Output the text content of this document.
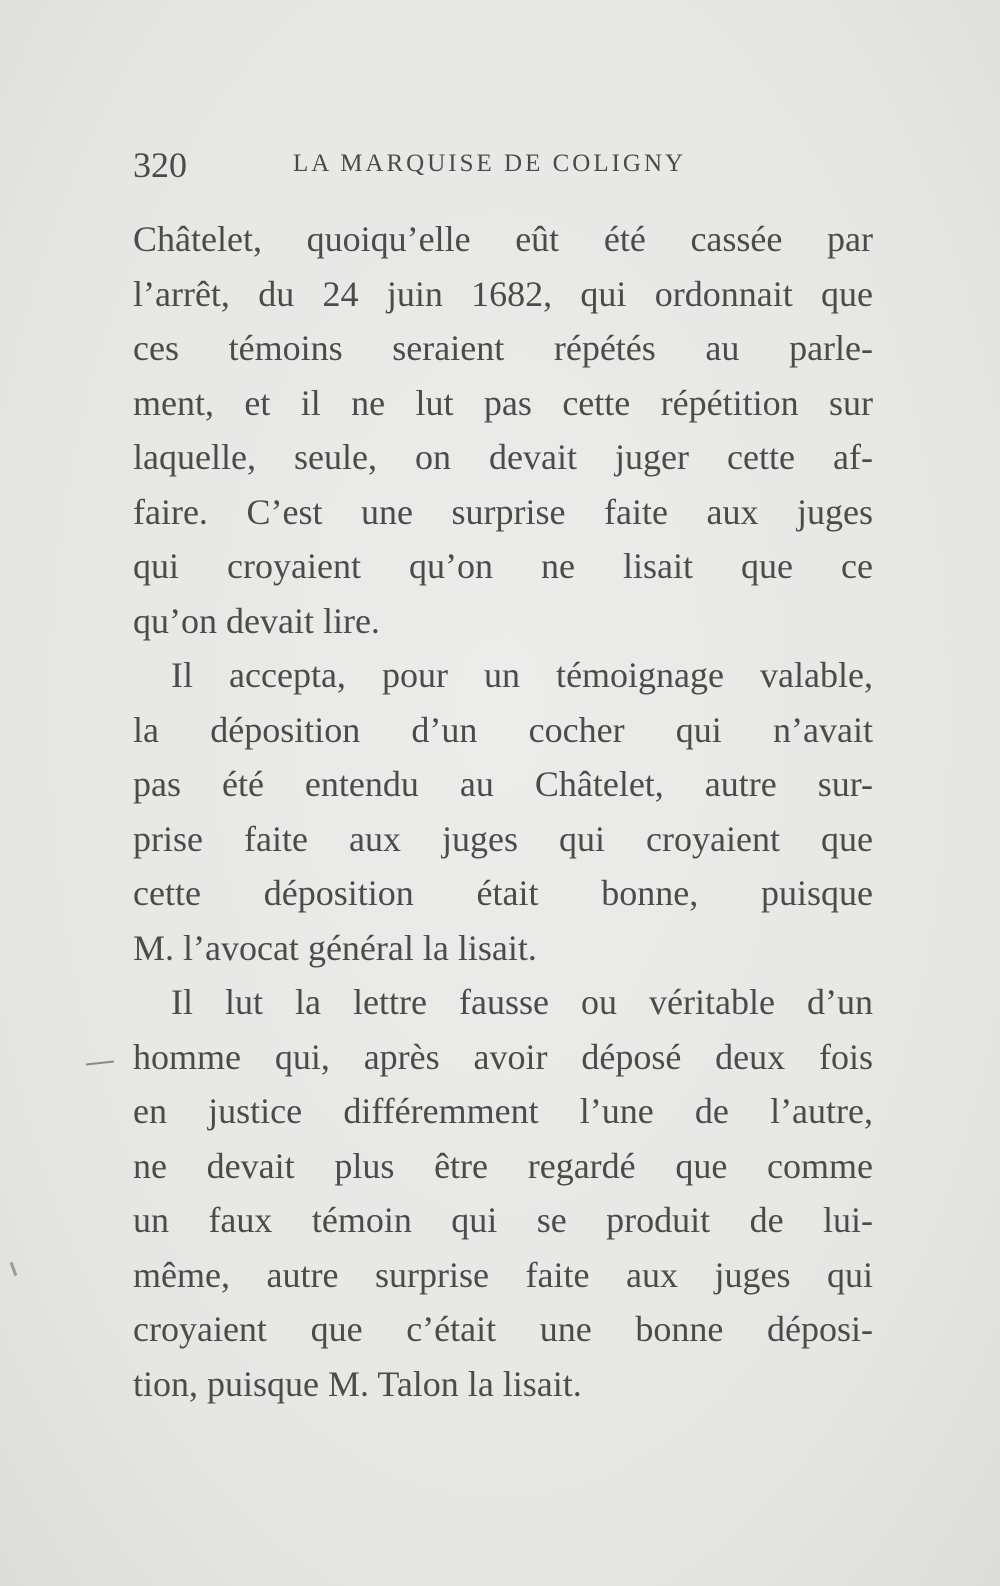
320	LA MARQUISE DE COLIGNY
Châtelet, quoiqu’elle eût été cassée par
l’arrêt, du 24 juin 1682, qui ordonnait que
ces témoins seraient répétés au parle-
ment, et il ne lut pas cette répétition sur
laquelle, seule, on devait juger cette af-
faire. C’est une surprise faite aux juges
qui croyaient qu’on ne lisait que ce
qu’on devait lire.
Il accepta, pour un témoignage valable,
la déposition d’un cocher qui n’avait
pas été entendu au Châtelet, autre sur-
prise faite aux juges qui croyaient que
cette déposition était bonne, puisque
M. l’avocat général la lisait.
Il lut la lettre fausse ou véritable d’un
homme qui, après avoir déposé deux fois
en justice différemment l’une de l’autre,
ne devait plus être regardé que comme
un faux témoin qui se produit de lui-
même, autre surprise faite aux juges qui
croyaient que c’était une bonne déposi-
tion, puisque M. Talon la lisait.
